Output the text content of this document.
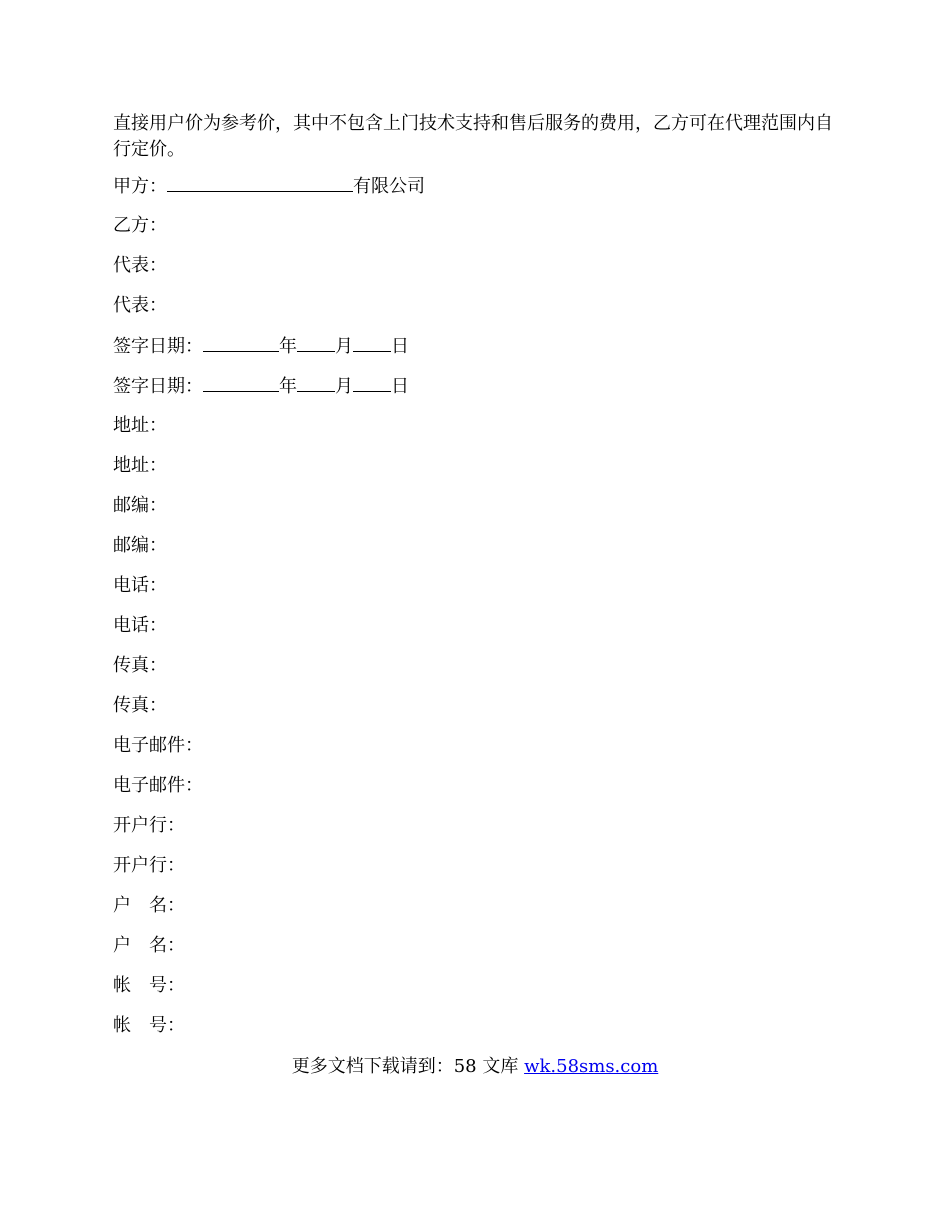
直接用户价为参考价，其中不包含上门技术支持和售后服务的费用，乙方可在代理范围内自行定价。

甲方：	有限公司
乙方：
代表：
代表：
签字日期：	年 月 日
签字日期：	年 月 日
地址：
地址：
邮编：
邮编：
电话：
电话：
传真：
传真：
电子邮件：
电子邮件：
开户行：
开户行：
户　名：
户　名：
帐　号：
帐　号：
更多文档下载请到：58 文库 wk.58sms.com
